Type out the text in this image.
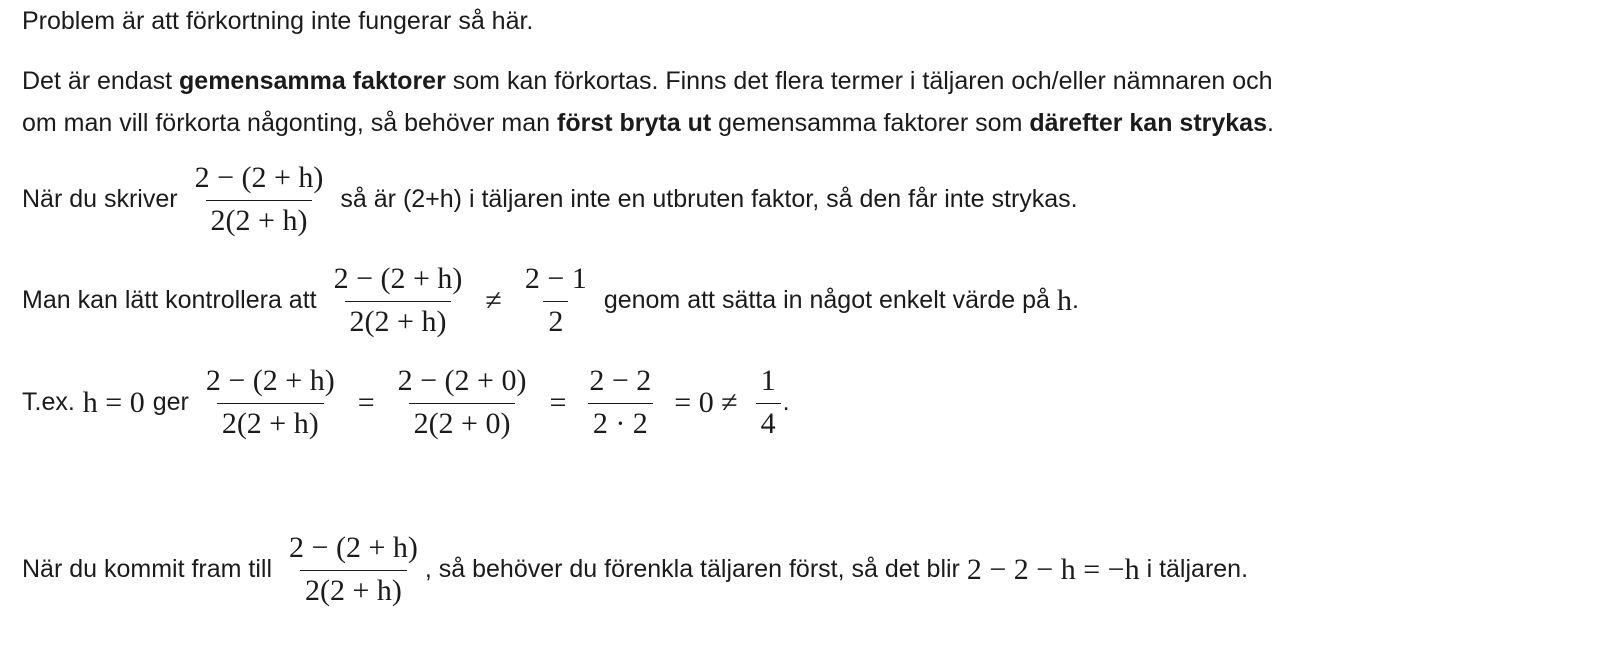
Problem är att förkortning inte fungerar så här.
Det är endast gemensamma faktorer som kan förkortas. Finns det flera termer i täljaren och/eller nämnaren och
om man vill förkorta någonting, så behöver man först bryta ut gemensamma faktorer som därefter kan strykas.
När du skriver $\frac{2 - (2 + h)}{2(2 + h)}$ så är (2+h) i täljaren inte en utbruten faktor, så den får inte strykas.
Man kan lätt kontrollera att $\frac{2 - (2 + h)}{2(2 + h)} \ne \frac{2 - 1}{2}$ genom att sätta in något enkelt värde på h .
T.ex. h = 0 ger $\frac{2 - (2 + h)}{2(2 + h)} = \frac{2 - (2 + 0)}{2(2 + 0)} = \frac{2 - 2}{2 \cdot 2} = 0 \ne \frac{1}{4}$ .
När du kommit fram till $\frac{2 - (2 + h)}{2(2 + h)}$ , så behöver du förenkla täljaren först, så det blir 2 − 2 − h = −h i täljaren.
